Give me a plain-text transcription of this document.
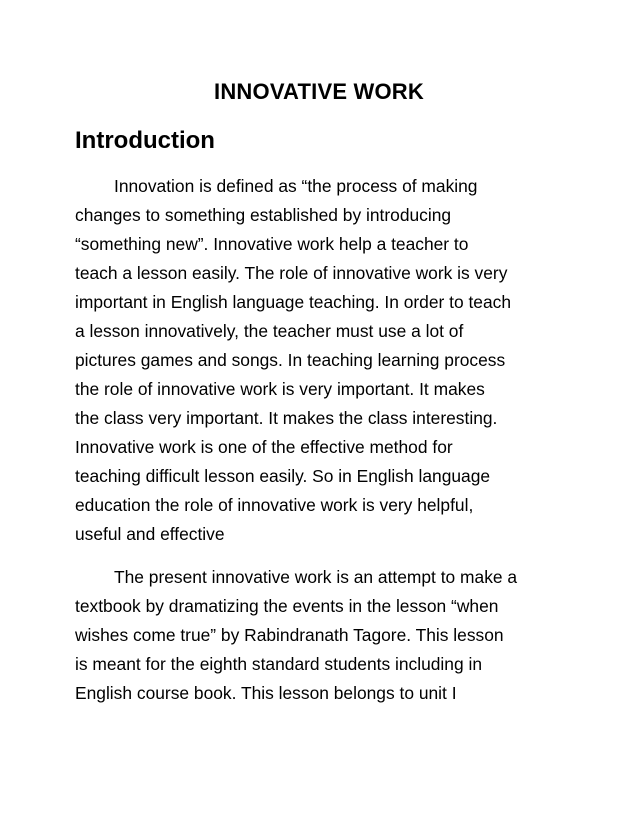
INNOVATIVE WORK
Introduction
Innovation is defined as “the process of making
changes to something established by introducing
“something new”. Innovative work help a teacher to
teach a lesson easily. The role of innovative work is very
important in English language teaching. In order to teach
a lesson innovatively, the teacher must use a lot of
pictures games and songs. In teaching learning process
the role of innovative work is very important. It makes
the class very important. It makes the class interesting.
Innovative work is one of the effective method for
teaching difficult lesson easily. So in English language
education the role of innovative work is very helpful,
useful and effective
The present innovative work is an attempt to make a
textbook by dramatizing the events in the lesson “when
wishes come true” by Rabindranath Tagore. This lesson
is meant for the eighth standard students including in
English course book. This lesson belongs to unit I
